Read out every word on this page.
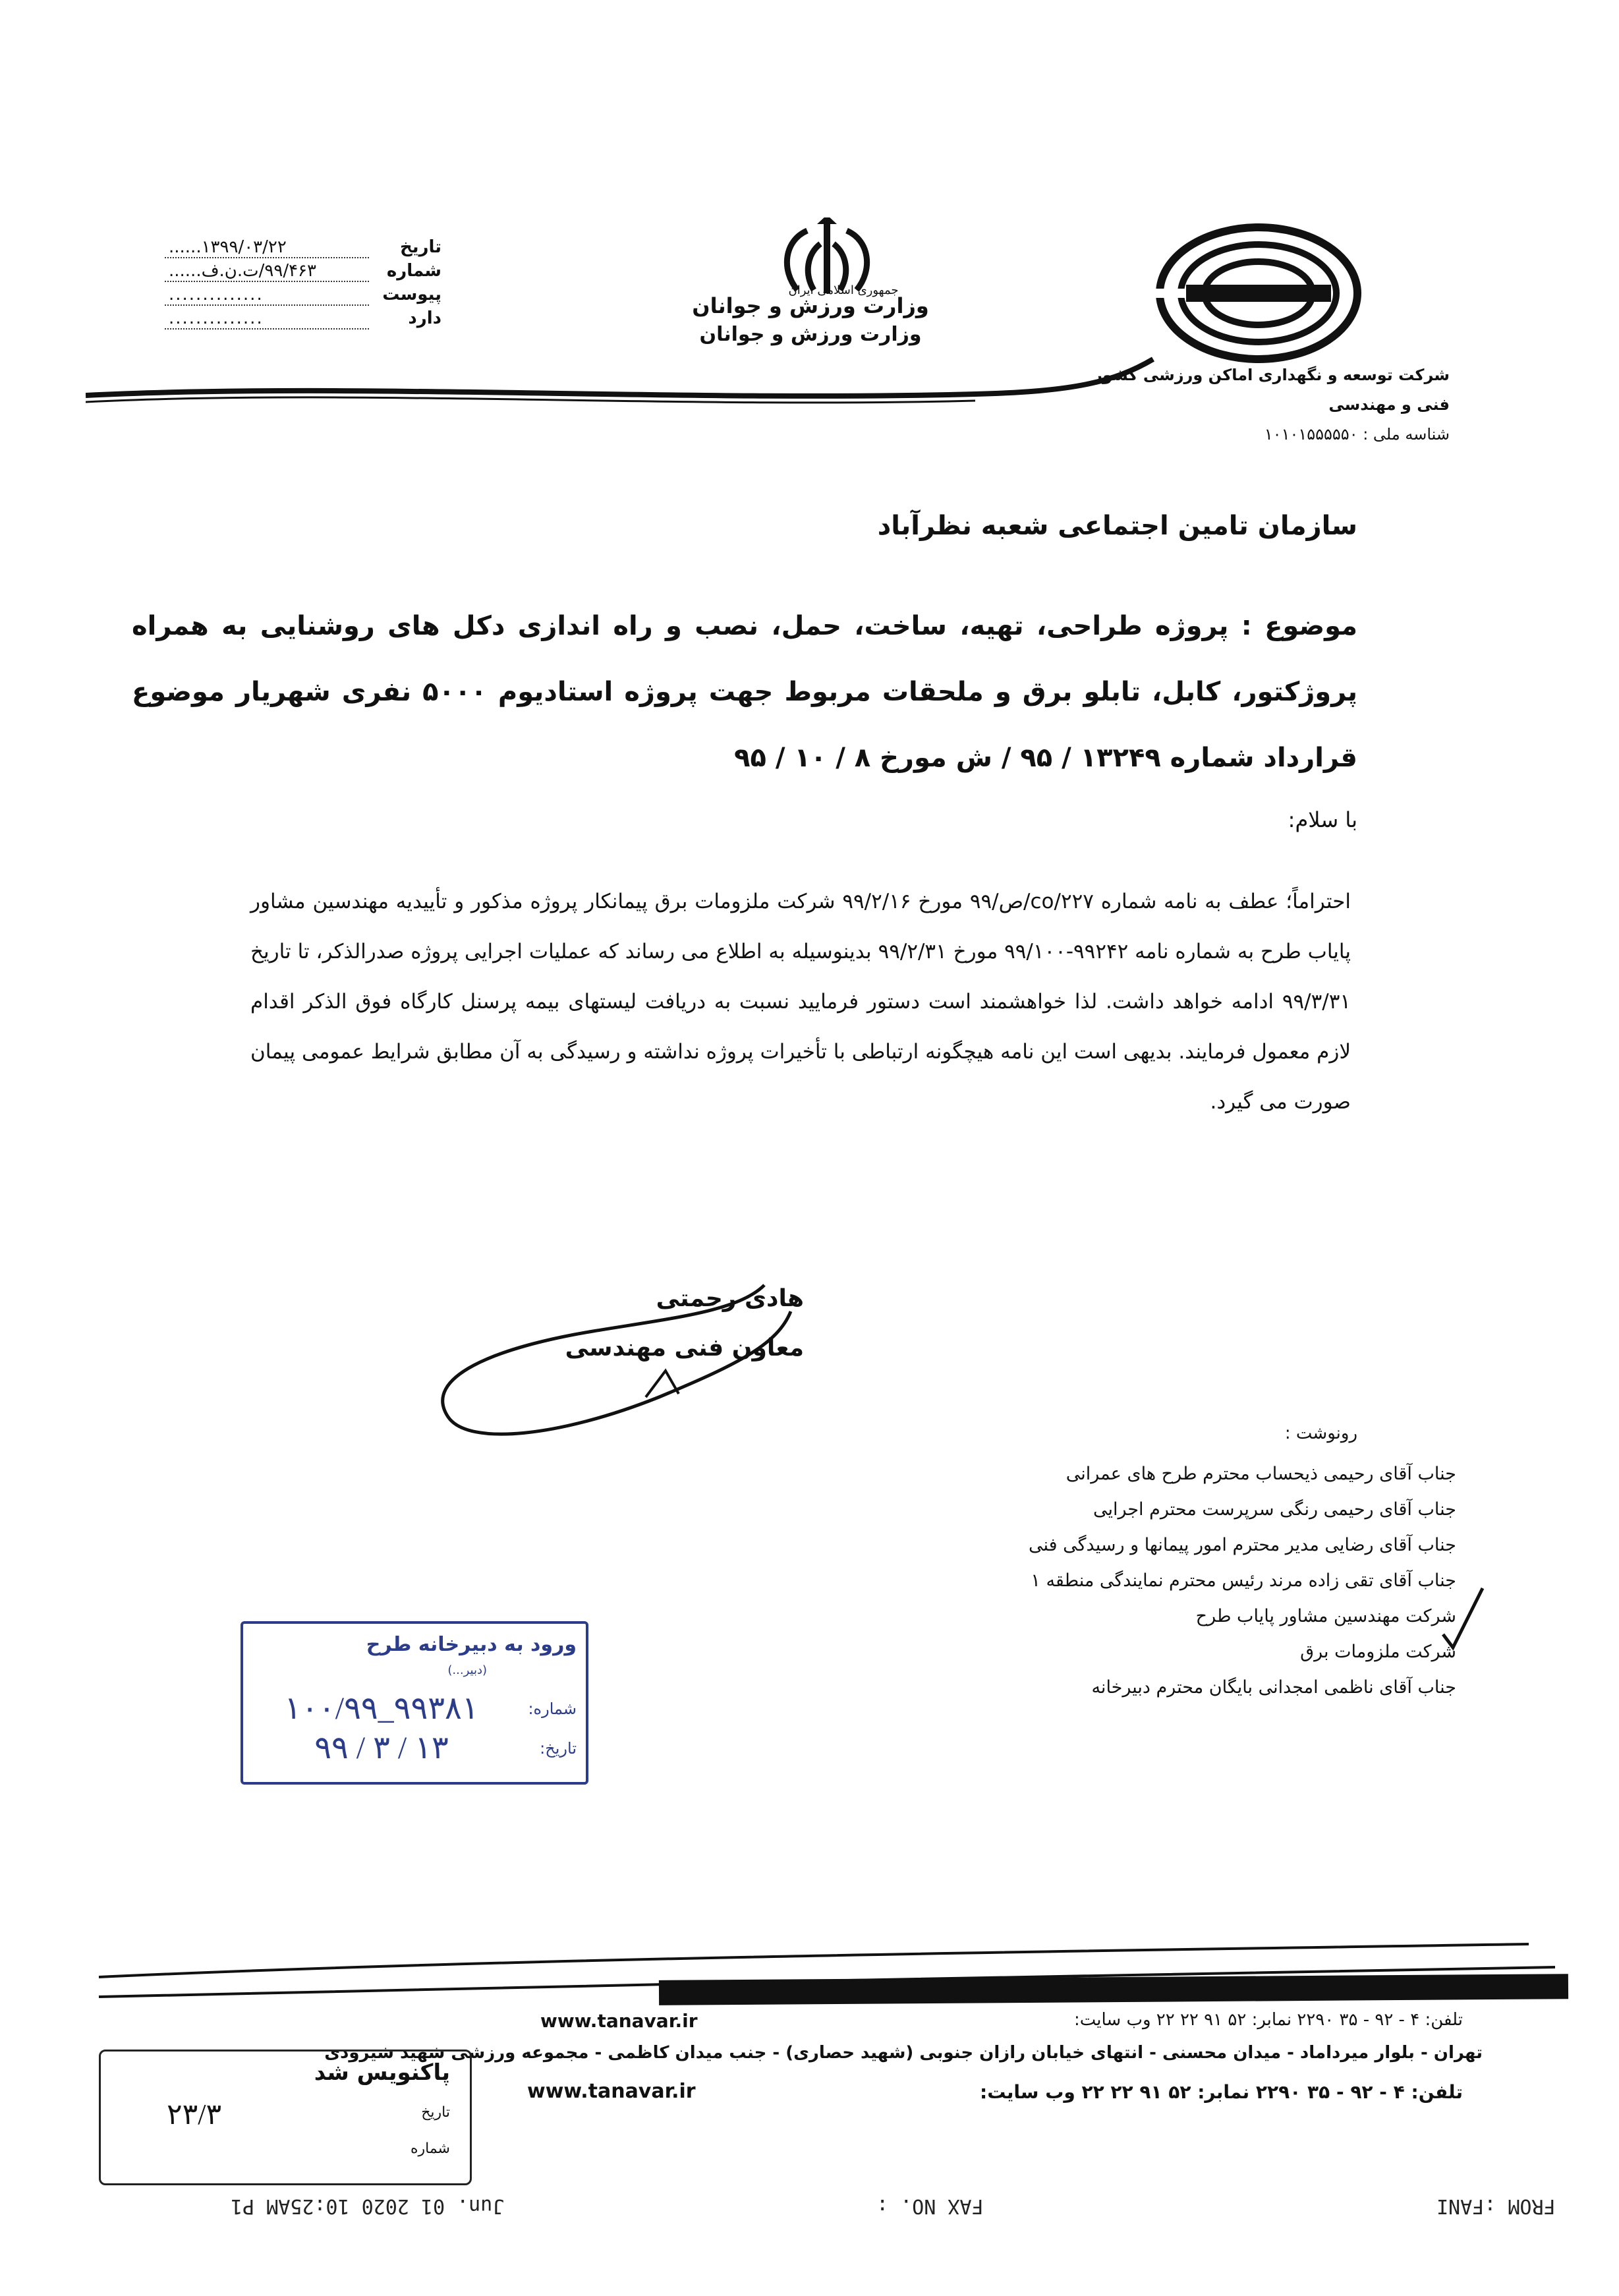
تاریخ
۱۳۹۹/۰۳/۲۲......
شماره
۹۹/۴۶۳/ت.ن.ف......
پیوست
..............
دارد
..............
جمهوری اسلامی ایران
وزارت ورزش و جوانان
وزارت ورزش و جوانان
شرکت توسعه و نگهداری اماکن ورزشی کشور
فنی و مهندسی
شناسه ملی : ۱۰۱۰۱۵۵۵۵۵۰
سازمان تامین اجتماعی شعبه نظرآباد
موضوع : پروژه طراحی، تهیه، ساخت، حمل، نصب و راه اندازی دکل های روشنایی به همراه پروژکتور، کابل، تابلو برق و ملحقات مربوط جهت پروژه استادیوم ۵۰۰۰ نفری شهریار موضوع قرارداد شماره ۱۳۲۴۹ / ۹۵ / ش مورخ ۸ / ۱۰ / ۹۵
با سلام:
احتراماً؛ عطف به نامه شماره ۲۲۷/co/ص/۹۹ مورخ ۹۹/۲/۱۶ شرکت ملزومات برق پیمانکار پروژه مذکور و تأییدیه مهندسین مشاور پایاب طرح به شماره نامه ۹۹۲۴۲-۹۹/۱۰۰ مورخ ۹۹/۲/۳۱ بدینوسیله به اطلاع می رساند که عملیات اجرایی پروژه صدرالذکر، تا تاریخ ۹۹/۳/۳۱ ادامه خواهد داشت. لذا خواهشمند است دستور فرمایید نسبت به دریافت لیستهای بیمه پرسنل کارگاه فوق الذکر اقدام لازم معمول فرمایند. بدیهی است این نامه هیچگونه ارتباطی با تأخیرات پروژه نداشته و رسیدگی به آن مطابق شرایط عمومی پیمان صورت می گیرد.
هادی رحمتی
معاون فنی مهندسی
رونوشت :
جناب آقای رحیمی ذیحساب محترم طرح های عمرانی
جناب آقای رحیمی رنگی سرپرست محترم اجرایی
جناب آقای رضایی مدیر محترم امور پیمانها و رسیدگی فنی
جناب آقای تقی زاده مرند رئیس محترم نمایندگی منطقه ۱
شرکت مهندسین مشاور پایاب طرح
شرکت ملزومات برق
جناب آقای ناظمی امجدانی بایگان محترم دبیرخانه
ورود به دبیرخانه طرح
(دبیر...)
شماره:
۱۰۰/۹۹_۹۹۳۸۱
تاریخ:
۹۹ / ۳ / ۱۳
تلفن: ۴ - ۹۲ - ۳۵ ۲۲۹۰ نمابر: ۵۲ ۹۱ ۲۲ ۲۲ وب سایت:
www.tanavar.ir
تهران - بلوار میرداماد - میدان محسنی - انتهای خیابان رازان جنوبی (شهید حصاری) - جنب میدان کاظمی - مجموعه ورزشی شهید شیرودی
تلفن: ۴ - ۹۲ - ۳۵ ۲۲۹۰ نمابر: ۵۲ ۹۱ ۲۲ ۲۲ وب سایت:
www.tanavar.ir
پاکنویس شد
تاریخ
شماره
۲۳/۳
FROM :FANI
FAX NO. :
Jun. 01 2020 10:25AM P1
